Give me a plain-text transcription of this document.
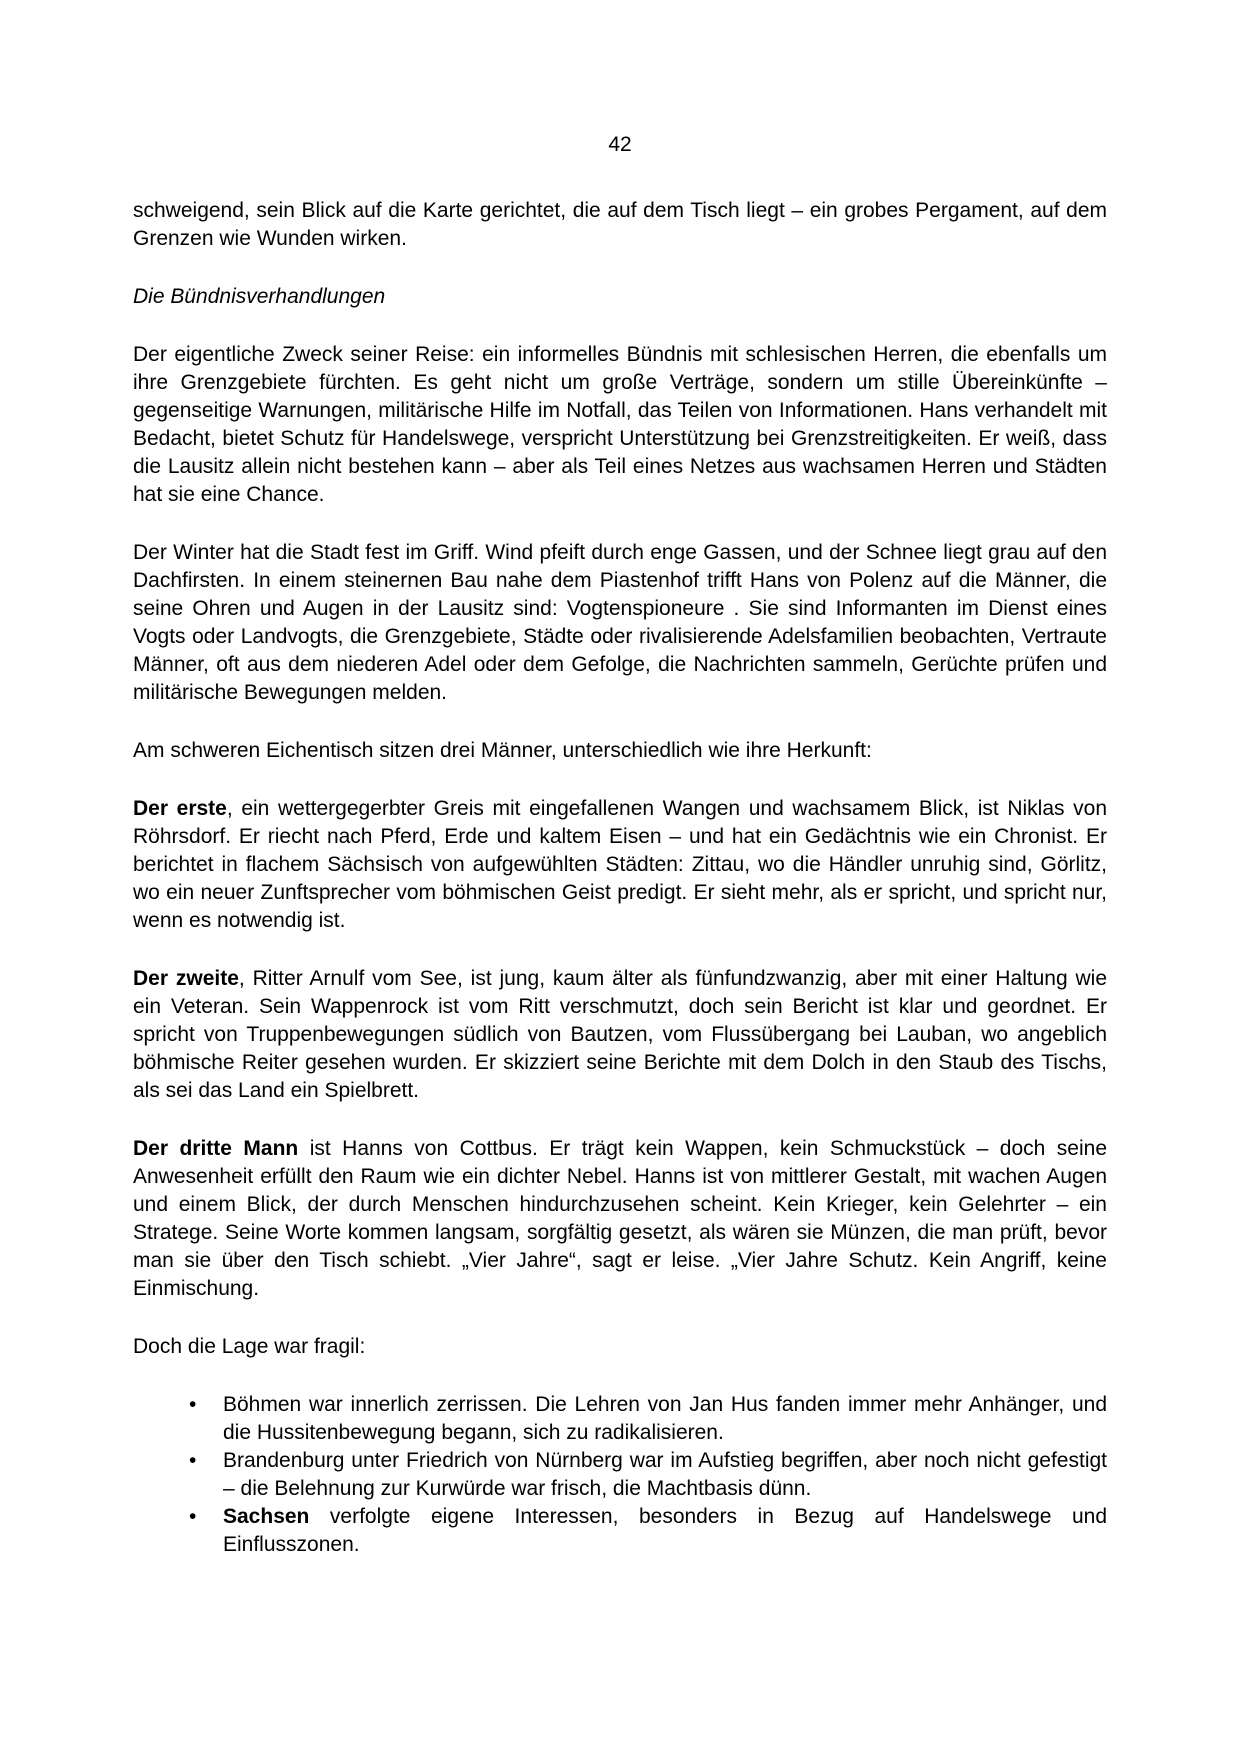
42

schweigend, sein Blick auf die Karte gerichtet, die auf dem Tisch liegt – ein grobes Pergament, auf dem Grenzen wie Wunden wirken.

Die Bündnisverhandlungen

Der eigentliche Zweck seiner Reise: ein informelles Bündnis mit schlesischen Herren, die ebenfalls um ihre Grenzgebiete fürchten. Es geht nicht um große Verträge, sondern um stille Übereinkünfte – gegenseitige Warnungen, militärische Hilfe im Notfall, das Teilen von Informationen. Hans verhandelt mit Bedacht, bietet Schutz für Handelswege, verspricht Unterstützung bei Grenzstreitigkeiten. Er weiß, dass die Lausitz allein nicht bestehen kann – aber als Teil eines Netzes aus wachsamen Herren und Städten hat sie eine Chance.

Der Winter hat die Stadt fest im Griff. Wind pfeift durch enge Gassen, und der Schnee liegt grau auf den Dachfirsten. In einem steinernen Bau nahe dem Piastenhof trifft Hans von Polenz auf die Männer, die seine Ohren und Augen in der Lausitz sind: Vogtenspioneure . Sie sind Informanten im Dienst eines Vogts oder Landvogts, die Grenzgebiete, Städte oder rivalisierende Adelsfamilien beobachten, Vertraute Männer, oft aus dem niederen Adel oder dem Gefolge, die Nachrichten sammeln, Gerüchte prüfen und militärische Bewegungen melden.

Am schweren Eichentisch sitzen drei Männer, unterschiedlich wie ihre Herkunft:

Der erste, ein wettergegerbter Greis mit eingefallenen Wangen und wachsamem Blick, ist Niklas von Röhrsdorf. Er riecht nach Pferd, Erde und kaltem Eisen – und hat ein Gedächtnis wie ein Chronist. Er berichtet in flachem Sächsisch von aufgewühlten Städten: Zittau, wo die Händler unruhig sind, Görlitz, wo ein neuer Zunftsprecher vom böhmischen Geist predigt. Er sieht mehr, als er spricht, und spricht nur, wenn es notwendig ist.

Der zweite, Ritter Arnulf vom See, ist jung, kaum älter als fünfundzwanzig, aber mit einer Haltung wie ein Veteran. Sein Wappenrock ist vom Ritt verschmutzt, doch sein Bericht ist klar und geordnet. Er spricht von Truppenbewegungen südlich von Bautzen, vom Flussübergang bei Lauban, wo angeblich böhmische Reiter gesehen wurden. Er skizziert seine Berichte mit dem Dolch in den Staub des Tischs, als sei das Land ein Spielbrett.

Der dritte Mann ist Hanns von Cottbus. Er trägt kein Wappen, kein Schmuckstück – doch seine Anwesenheit erfüllt den Raum wie ein dichter Nebel. Hanns ist von mittlerer Gestalt, mit wachen Augen und einem Blick, der durch Menschen hindurchzusehen scheint. Kein Krieger, kein Gelehrter – ein Stratege. Seine Worte kommen langsam, sorgfältig gesetzt, als wären sie Münzen, die man prüft, bevor man sie über den Tisch schiebt. „Vier Jahre“, sagt er leise. „Vier Jahre Schutz. Kein Angriff, keine Einmischung.

Doch die Lage war fragil:

• Böhmen war innerlich zerrissen. Die Lehren von Jan Hus fanden immer mehr Anhänger, und die Hussitenbewegung begann, sich zu radikalisieren.
• Brandenburg unter Friedrich von Nürnberg war im Aufstieg begriffen, aber noch nicht gefestigt – die Belehnung zur Kurwürde war frisch, die Machtbasis dünn.
• Sachsen verfolgte eigene Interessen, besonders in Bezug auf Handelswege und Einflusszonen.
